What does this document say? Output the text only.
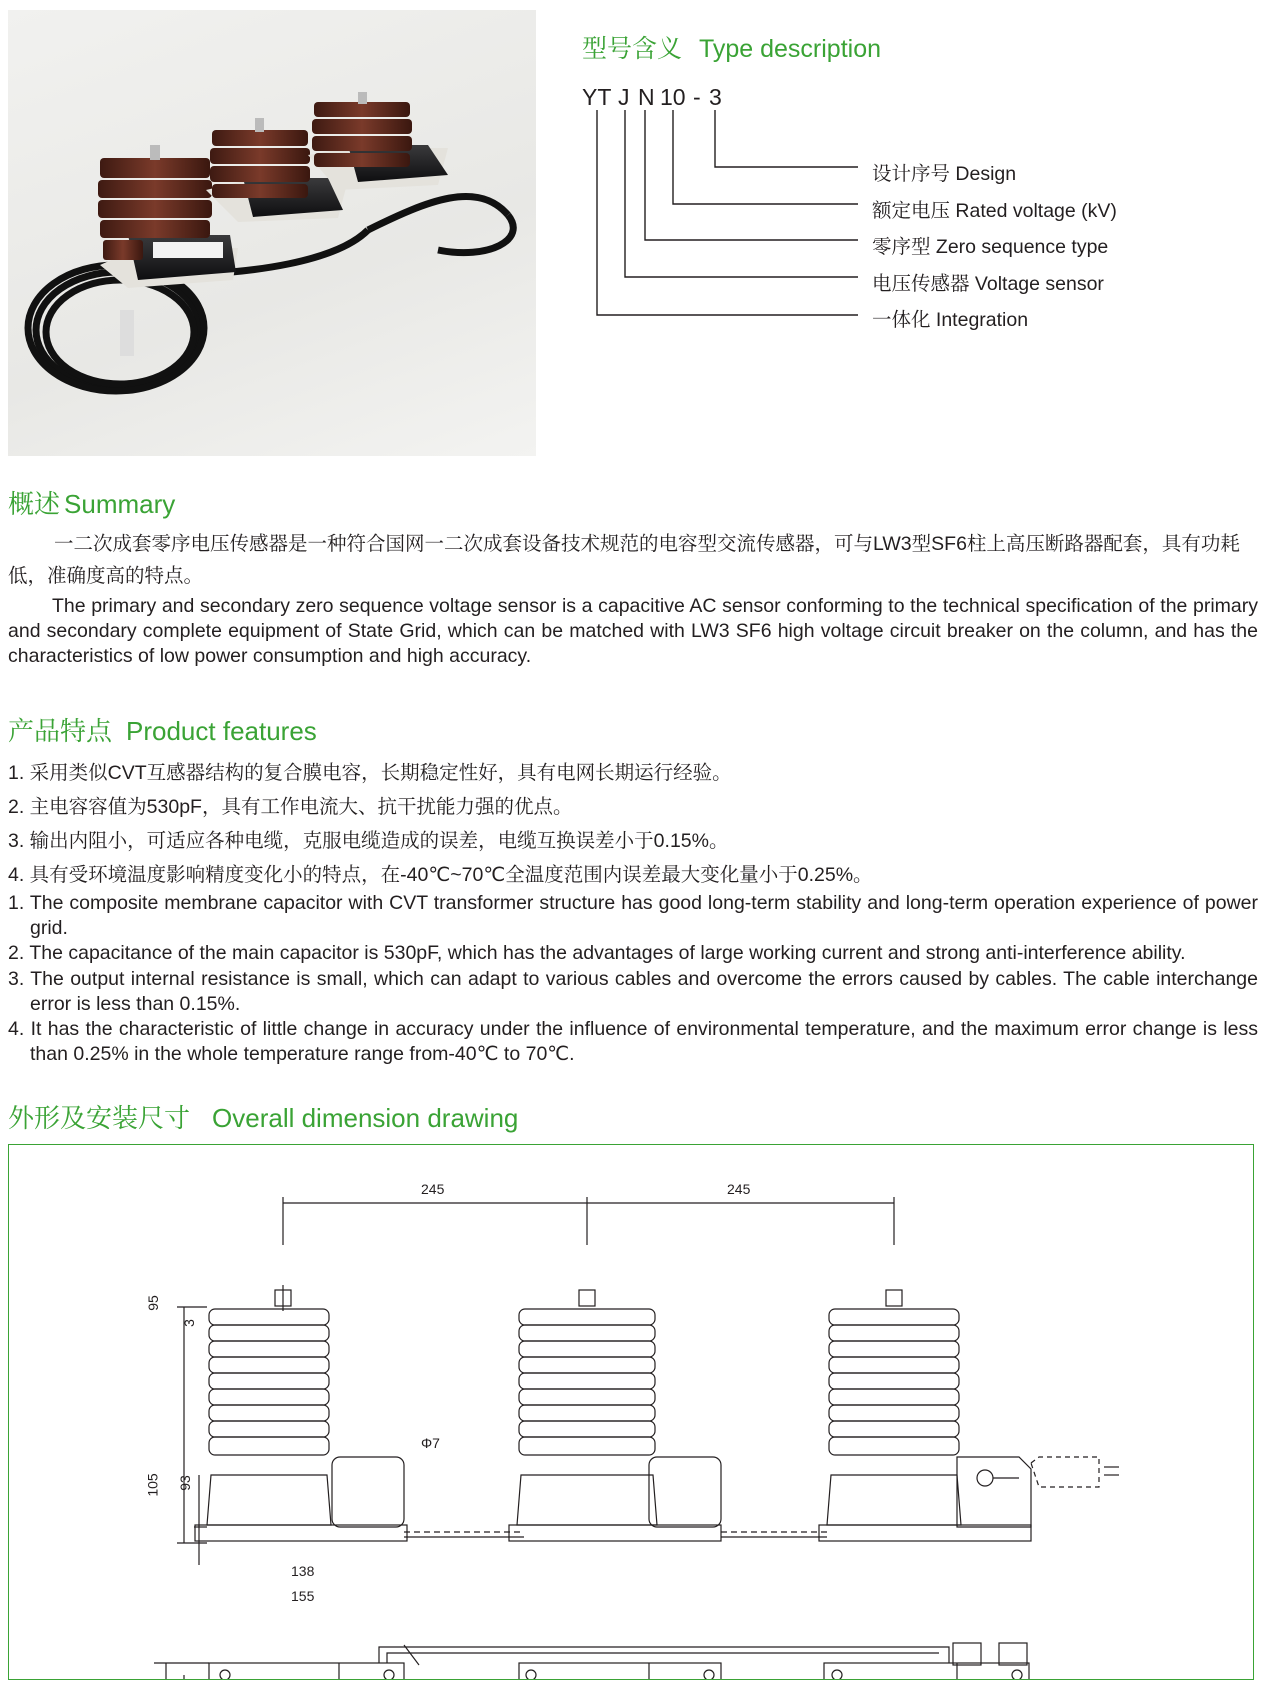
型号含义 Type description
YT J N 10 - 3
设计序号 Design
额定电压 Rated voltage (kV)
零序型 Zero sequence type
电压传感器 Voltage sensor
一体化 Integration
概述 Summary

一二次成套零序电压传感器是一种符合国网一二次成套设备技术规范的电容型交流传感器，可与LW3型SF6柱上高压断路器配套，具有功耗低，准确度高的特点。

The primary and secondary zero sequence voltage sensor is a capacitive AC sensor conforming to the technical specification of the primary and secondary complete equipment of State Grid, which can be matched with LW3 SF6 high voltage circuit breaker on the column, and has the characteristics of low power consumption and high accuracy.

产品特点 Product features
1. 采用类似CVT互感器结构的复合膜电容，长期稳定性好，具有电网长期运行经验。
2. 主电容容值为530pF，具有工作电流大、抗干扰能力强的优点。
3. 输出内阻小，可适应各种电缆，克服电缆造成的误差，电缆互换误差小于0.15%。
4. 具有受环境温度影响精度变化小的特点，在-40℃~70℃全温度范围内误差最大变化量小于0.25%。
1. The composite membrane capacitor with CVT transformer structure has good long-term stability and long-term operation experience of power grid.
2. The capacitance of the main capacitor is 530pF, which has the advantages of large working current and strong anti-interference ability.
3. The output internal resistance is small, which can adapt to various cables and overcome the errors caused by cables. The cable interchange error is less than 0.15%.
4. It has the characteristic of little change in accuracy under the influence of environmental temperature, and the maximum error change is less than 0.25% in the whole temperature range from-40℃ to 70℃.
外形及安装尺寸 Overall dimension drawing
245	245
95
3
Φ7
105 93
138
155
